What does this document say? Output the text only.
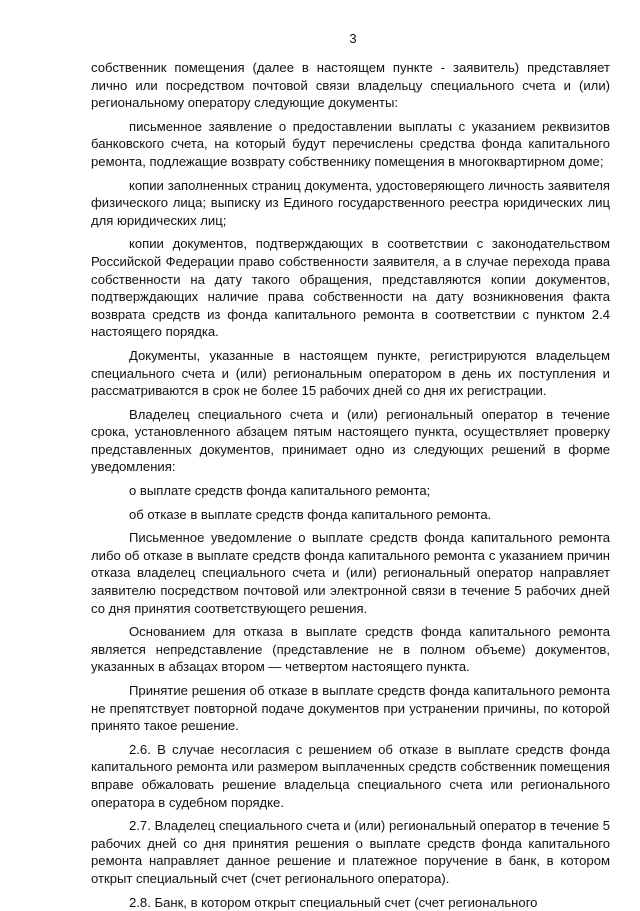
3

собственник помещения (далее в настоящем пункте - заявитель) представляет лично или посредством почтовой связи владельцу специального счета и (или) региональному оператору следующие документы:

письменное заявление о предоставлении выплаты с указанием реквизитов банковского счета, на который будут перечислены средства фонда капитального ремонта, подлежащие возврату собственнику помещения в многоквартирном доме;

копии заполненных страниц документа, удостоверяющего личность заявителя физического лица; выписку из Единого государственного реестра юридических лиц для юридических лиц;

копии документов, подтверждающих в соответствии с законодательством Российской Федерации право собственности заявителя, а в случае перехода права собственности на дату такого обращения, представляются копии документов, подтверждающих наличие права собственности на дату возникновения факта возврата средств из фонда капитального ремонта в соответствии с пунктом 2.4 настоящего порядка.

Документы, указанные в настоящем пункте, регистрируются владельцем специального счета и (или) региональным оператором в день их поступления и рассматриваются в срок не более 15 рабочих дней со дня их регистрации.

Владелец специального счета и (или) региональный оператор в течение срока, установленного абзацем пятым настоящего пункта, осуществляет проверку представленных документов, принимает одно из следующих решений в форме уведомления:

о выплате средств фонда капитального ремонта;

об отказе в выплате средств фонда капитального ремонта.

Письменное уведомление о выплате средств фонда капитального ремонта либо об отказе в выплате средств фонда капитального ремонта с указанием причин отказа владелец специального счета и (или) региональный оператор направляет заявителю посредством почтовой или электронной связи в течение 5 рабочих дней со дня принятия соответствующего решения.

Основанием для отказа в выплате средств фонда капитального ремонта является непредставление (представление не в полном объеме) документов, указанных в абзацах втором — четвертом настоящего пункта.

Принятие решения об отказе в выплате средств фонда капитального ремонта не препятствует повторной подаче документов при устранении причины, по которой принято такое решение.

2.6. В случае несогласия с решением об отказе в выплате средств фонда капитального ремонта или размером выплаченных средств собственник помещения вправе обжаловать решение владельца специального счета или регионального оператора в судебном порядке.

2.7. Владелец специального счета и (или) региональный оператор в течение 5 рабочих дней со дня принятия решения о выплате средств фонда капитального ремонта направляет данное решение и платежное поручение в банк, в котором открыт специальный счет (счет регионального оператора).

2.8. Банк, в котором открыт специальный счет (счет регионального
